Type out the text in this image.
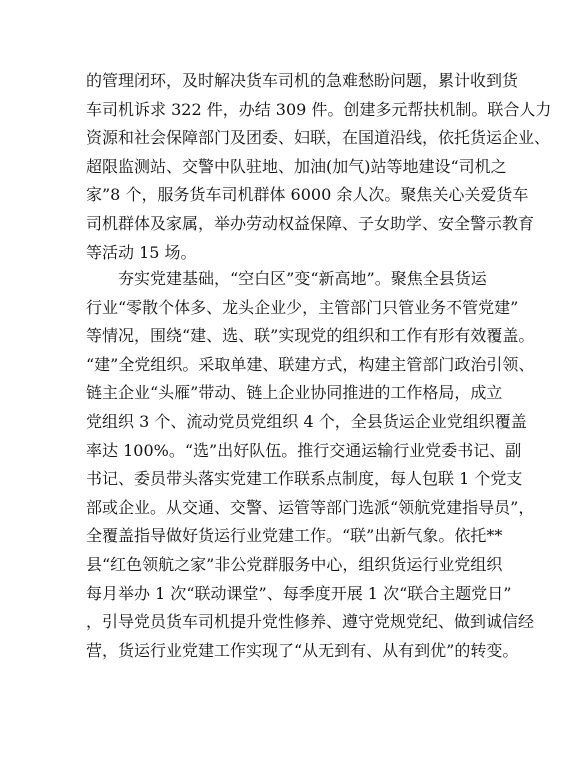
的管理闭环，及时解决货车司机的急难愁盼问题，累计收到货
车司机诉求 322 件，办结 309 件。创建多元帮扶机制。联合人力
资源和社会保障部门及团委、妇联，在国道沿线，依托货运企业、
超限监测站、交警中队驻地、加油(加气)站等地建设“司机之
家”8 个，服务货车司机群体 6000 余人次。聚焦关心关爱货车
司机群体及家属，举办劳动权益保障、子女助学、安全警示教育
等活动 15 场。
夯实党建基础，“空白区”变“新高地”。聚焦全县货运
行业“零散个体多、龙头企业少，主管部门只管业务不管党建”
等情况，围绕“建、选、联”实现党的组织和工作有形有效覆盖。
“建”全党组织。采取单建、联建方式，构建主管部门政治引领、
链主企业“头雁”带动、链上企业协同推进的工作格局，成立
党组织 3 个、流动党员党组织 4 个，全县货运企业党组织覆盖
率达 100%。“选”出好队伍。推行交通运输行业党委书记、副
书记、委员带头落实党建工作联系点制度，每人包联 1 个党支
部或企业。从交通、交警、运管等部门选派“领航党建指导员”，
全覆盖指导做好货运行业党建工作。“联”出新气象。依托**
县“红色领航之家”非公党群服务中心，组织货运行业党组织
每月举办 1 次“联动课堂”、每季度开展 1 次“联合主题党日”
，引导党员货车司机提升党性修养、遵守党规党纪、做到诚信经
营，货运行业党建工作实现了“从无到有、从有到优”的转变。
